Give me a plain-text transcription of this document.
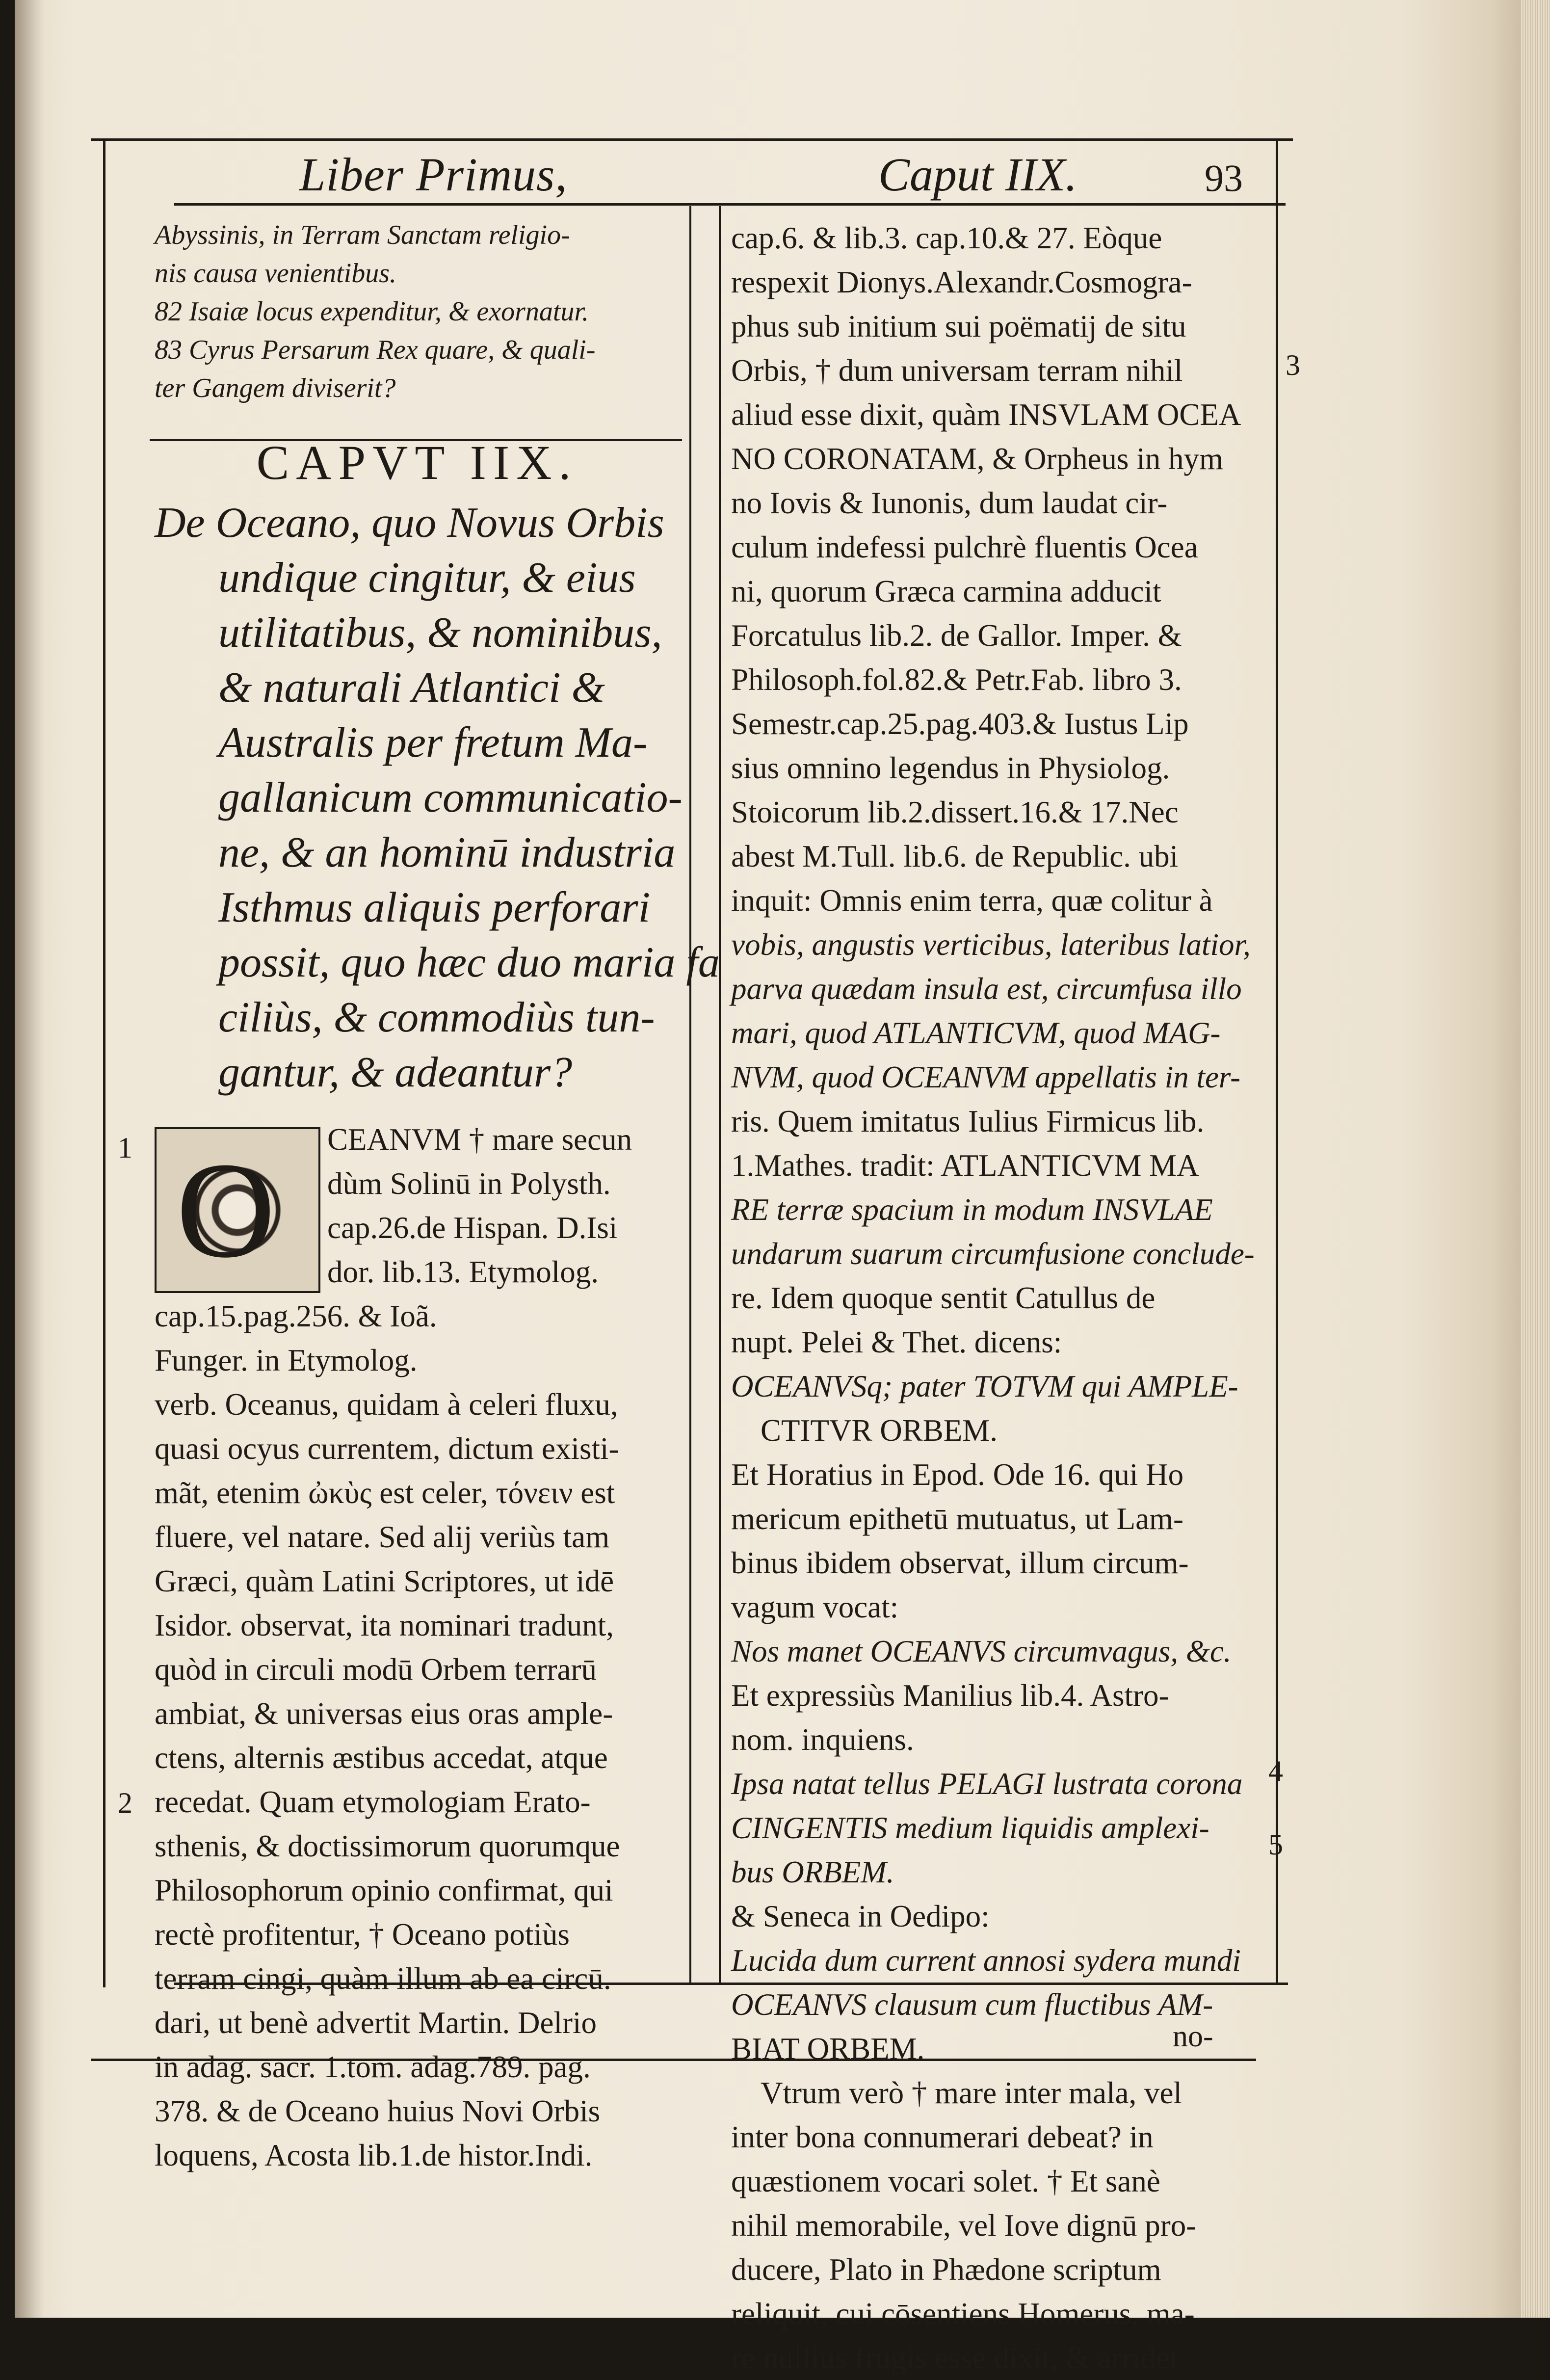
Liber Primus,	Caput IIX.	93
Abyssinis, in Terram Sanctam religio-
nis causa venientibus.
82 Isaiæ locus expenditur, & exornatur.
83 Cyrus Persarum Rex quare, & quali-
ter Gangem diviserit?
CAPVT IIX.
De Oceano, quo Novus Orbis
undique cingitur, & eius
utilitatibus, & nominibus,
& naturali Atlantici &
Australis per fretum Ma-
gallanicum communicatio-
ne, & an hominū industria
Isthmus aliquis perforari
possit, quo hæc duo maria fa
ciliùs, & commodiùs tun-
gantur, & adeantur?
O	CEANVM † mare secun
dùm Solinū in Polysth.
cap.26.de Hispan. D.Isi
dor. lib.13. Etymolog.
cap.15.pag.256. & Ioã.
Funger. in Etymolog.
verb. Oceanus, quidam à celeri fluxu,
quasi ocyus currentem, dictum existi-
mãt, etenim ὠκὺς est celer, τόνειν est
fluere, vel natare. Sed alij veriùs tam
Græci, quàm Latini Scriptores, ut idē
Isidor. observat, ita nominari tradunt,
quòd in circuli modū Orbem terrarū
ambiat, & universas eius oras ample-
ctens, alternis æstibus accedat, atque
recedat. Quam etymologiam Erato-
sthenis, & doctissimorum quorumque
Philosophorum opinio confirmat, qui
rectè profitentur, † Oceano potiùs
terram cingi, quàm illum ab ea circū.
dari, ut benè advertit Martin. Delrio
in adag. sacr. 1.tom. adag.789. pag.
378. & de Oceano huius Novi Orbis
loquens, Acosta lib.1.de histor.Indi.
cap.6. & lib.3. cap.10.& 27. Eòque
respexit Dionys.Alexandr.Cosmogra-
phus sub initium sui poëmatij de situ
Orbis, † dum universam terram nihil
aliud esse dixit, quàm INSVLAM OCEA
NO CORONATAM, & Orpheus in hym
no Iovis & Iunonis, dum laudat cir-
culum indefessi pulchrè fluentis Ocea
ni, quorum Græca carmina adducit
Forcatulus lib.2. de Gallor. Imper. &
Philosoph.fol.82.& Petr.Fab. libro 3.
Semestr.cap.25.pag.403.& Iustus Lip
sius omnino legendus in Physiolog.
Stoicorum lib.2.dissert.16.& 17.Nec
abest M.Tull. lib.6. de Republic. ubi
inquit: Omnis enim terra, quæ colitur à
vobis, angustis verticibus, lateribus latior,
parva quædam insula est, circumfusa illo
mari, quod ATLANTICVM, quod MAG-
NVM, quod OCEANVM appellatis in ter-
ris. Quem imitatus Iulius Firmicus lib.
1.Mathes. tradit: ATLANTICVM MA
RE terræ spacium in modum INSVLAE
undarum suarum circumfusione conclude-
re. Idem quoque sentit Catullus de
nupt. Pelei & Thet. dicens:
OCEANVSq; pater TOTVM qui AMPLE-
CTITVR ORBEM.
Et Horatius in Epod. Ode 16. qui Ho
mericum epithetū mutuatus, ut Lam-
binus ibidem observat, illum circum-
vagum vocat:
Nos manet OCEANVS circumvagus, &c.
Et expressiùs Manilius lib.4. Astro-
nom. inquiens.
Ipsa natat tellus PELAGI lustrata corona
CINGENTIS medium liquidis amplexi-
bus ORBEM.
& Seneca in Oedipo:
Lucida dum current annosi sydera mundi
OCEANVS clausum cum fluctibus AM-
BIAT ORBEM.
Vtrum verò † mare inter mala, vel
inter bona connumerari debeat? in
quæstionem vocari solet. † Et sanè
nihil memorabile, vel Iove dignū pro-
ducere, Plato in Phædone scriptum
reliquit, cui cōsentiens Homerus, ma-
re nullius frugis esse dixit, & arridet
1
2
3
4
5
no-
